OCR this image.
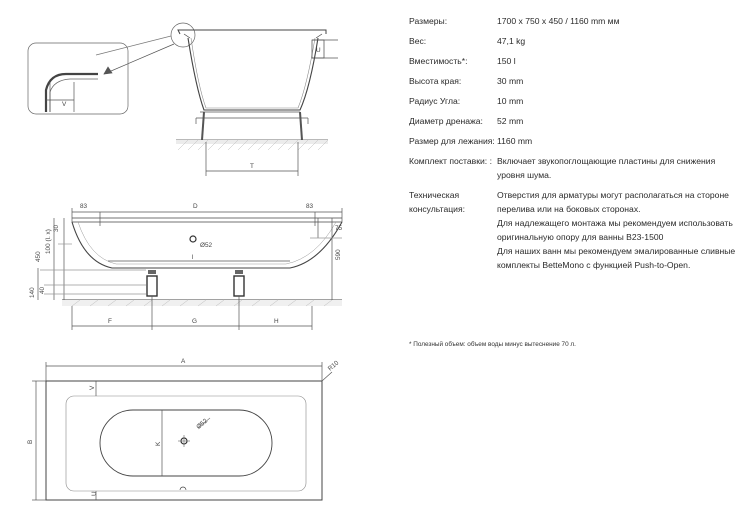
V
U
T
83	D	83
75
Ø52
l
450
100 (l. x)
30
590
140 40
F	G	H
A	R10
V
B	K
Ø52
U
Размеры:	1700 x 750 x 450 / 1160 mm мм
Вес:	47,1 kg
Вместимость*:	150 l
Высота края:	30 mm
Радиус Угла:	10 mm
Диаметр дренажа:	52 mm
Размер для лежания: 1160 mm
Комплект поставки: : Включает звукопоглощающие пластины для снижения уровня шума.
Техническая консультация:
Отверстия для арматуры могут располагаться на стороне перелива или на боковых сторонах.
Для надлежащего монтажа мы рекомендуем использовать оригинальную опору для ванны B23-1500
Для наших ванн мы рекомендуем эмалированные сливные комплекты BetteMono с функцией Push-to-Open.
* Полезный объем: объем воды минус вытеснение 70 л.
